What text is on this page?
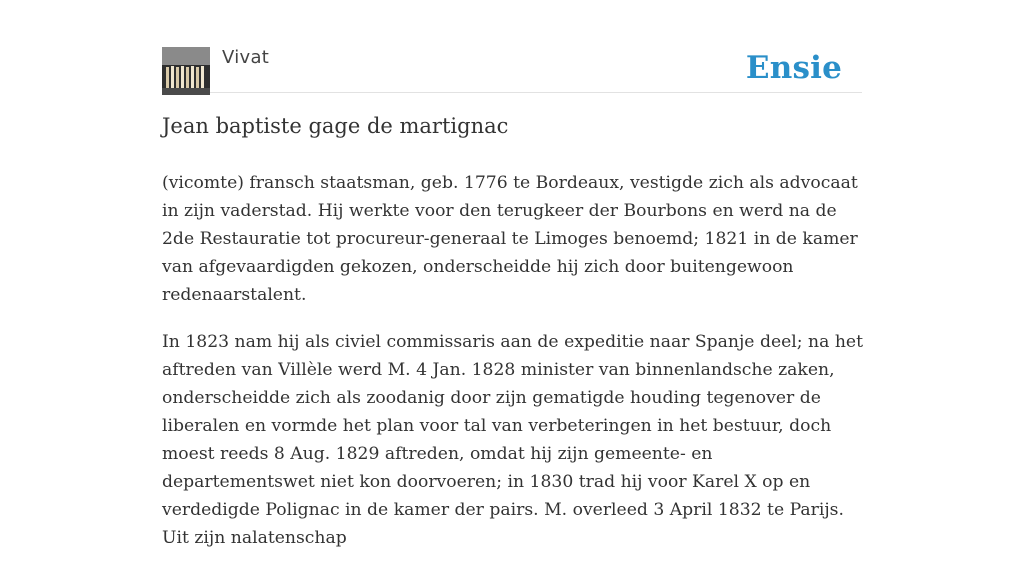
Vivat	Ensie
Jean baptiste gage de martignac

(vicomte) fransch staatsman, geb. 1776 te Bordeaux, vestigde zich als advocaat in zijn vaderstad. Hij werkte voor den terugkeer der Bourbons en werd na de 2de Restauratie tot procureur-generaal te Limoges benoemd; 1821 in de kamer van afgevaardigden gekozen, onderscheidde hij zich door buitengewoon redenaarstalent.

In 1823 nam hij als civiel commissaris aan de expeditie naar Spanje deel; na het aftreden van Villèle werd M. 4 Jan. 1828 minister van binnenlandsche zaken, onderscheidde zich als zoodanig door zijn gematigde houding tegenover de liberalen en vormde het plan voor tal van verbeteringen in het bestuur, doch moest reeds 8 Aug. 1829 aftreden, omdat hij zijn gemeente- en departementswet niet kon doorvoeren; in 1830 trad hij voor Karel X op en verdedigde Polignac in de kamer der pairs. M. overleed 3 April 1832 te Parijs. Uit zijn nalatenschap
